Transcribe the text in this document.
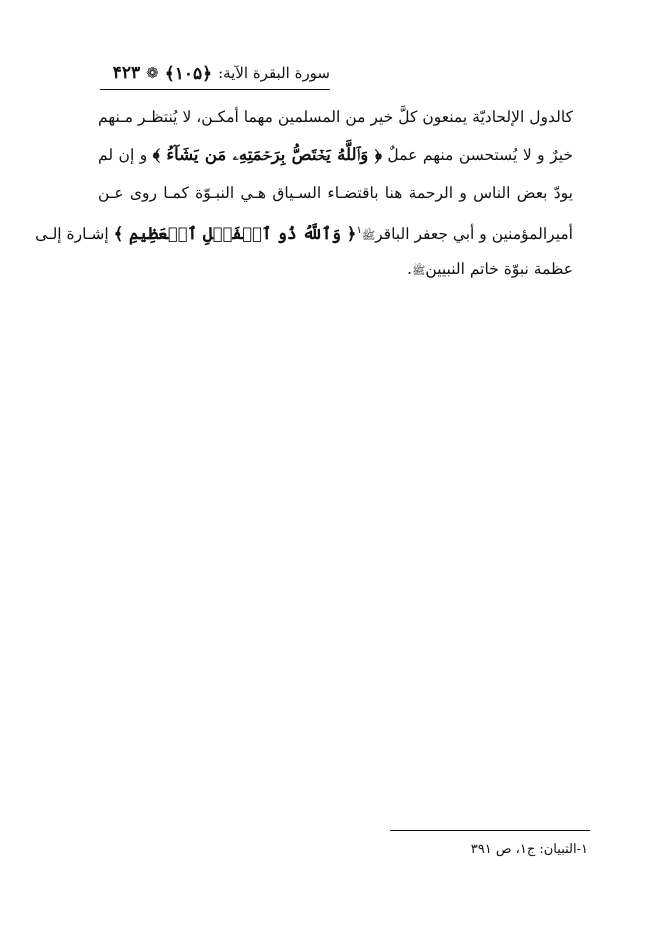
سورة البقرة الآية:
﴿۱۰۵﴾
❁
۴۲۳
كالدول الإلحاديّة يمنعون كلَّ خير من المسلمين مهما أمكـن، لا يُنتظـر مـنهم
خيرٌ و لا يُستحسن منهم عملٌ ﴿ وَٱللَّهُ يَخۡتَصُّ بِرَحۡمَتِهِۦ مَن يَشَآءُ ﴾ و إن لم
يودّ بعض الناس و الرحمة هنا باقتضـاء السـياق هـي النبـوّة كمـا روى عـن
أميرالمؤمنين و أبي جعفر الباقرﷺ$^١$﴿ وَٱللَّهُ ذُو ٱلۡفَضۡلِ ٱلۡعَظِيمِ ﴾ إشـارة إلـى
عظمة نبوّة خاتم النبيينﷺ.
١-التبيان: ج١، ص ٣٩١
